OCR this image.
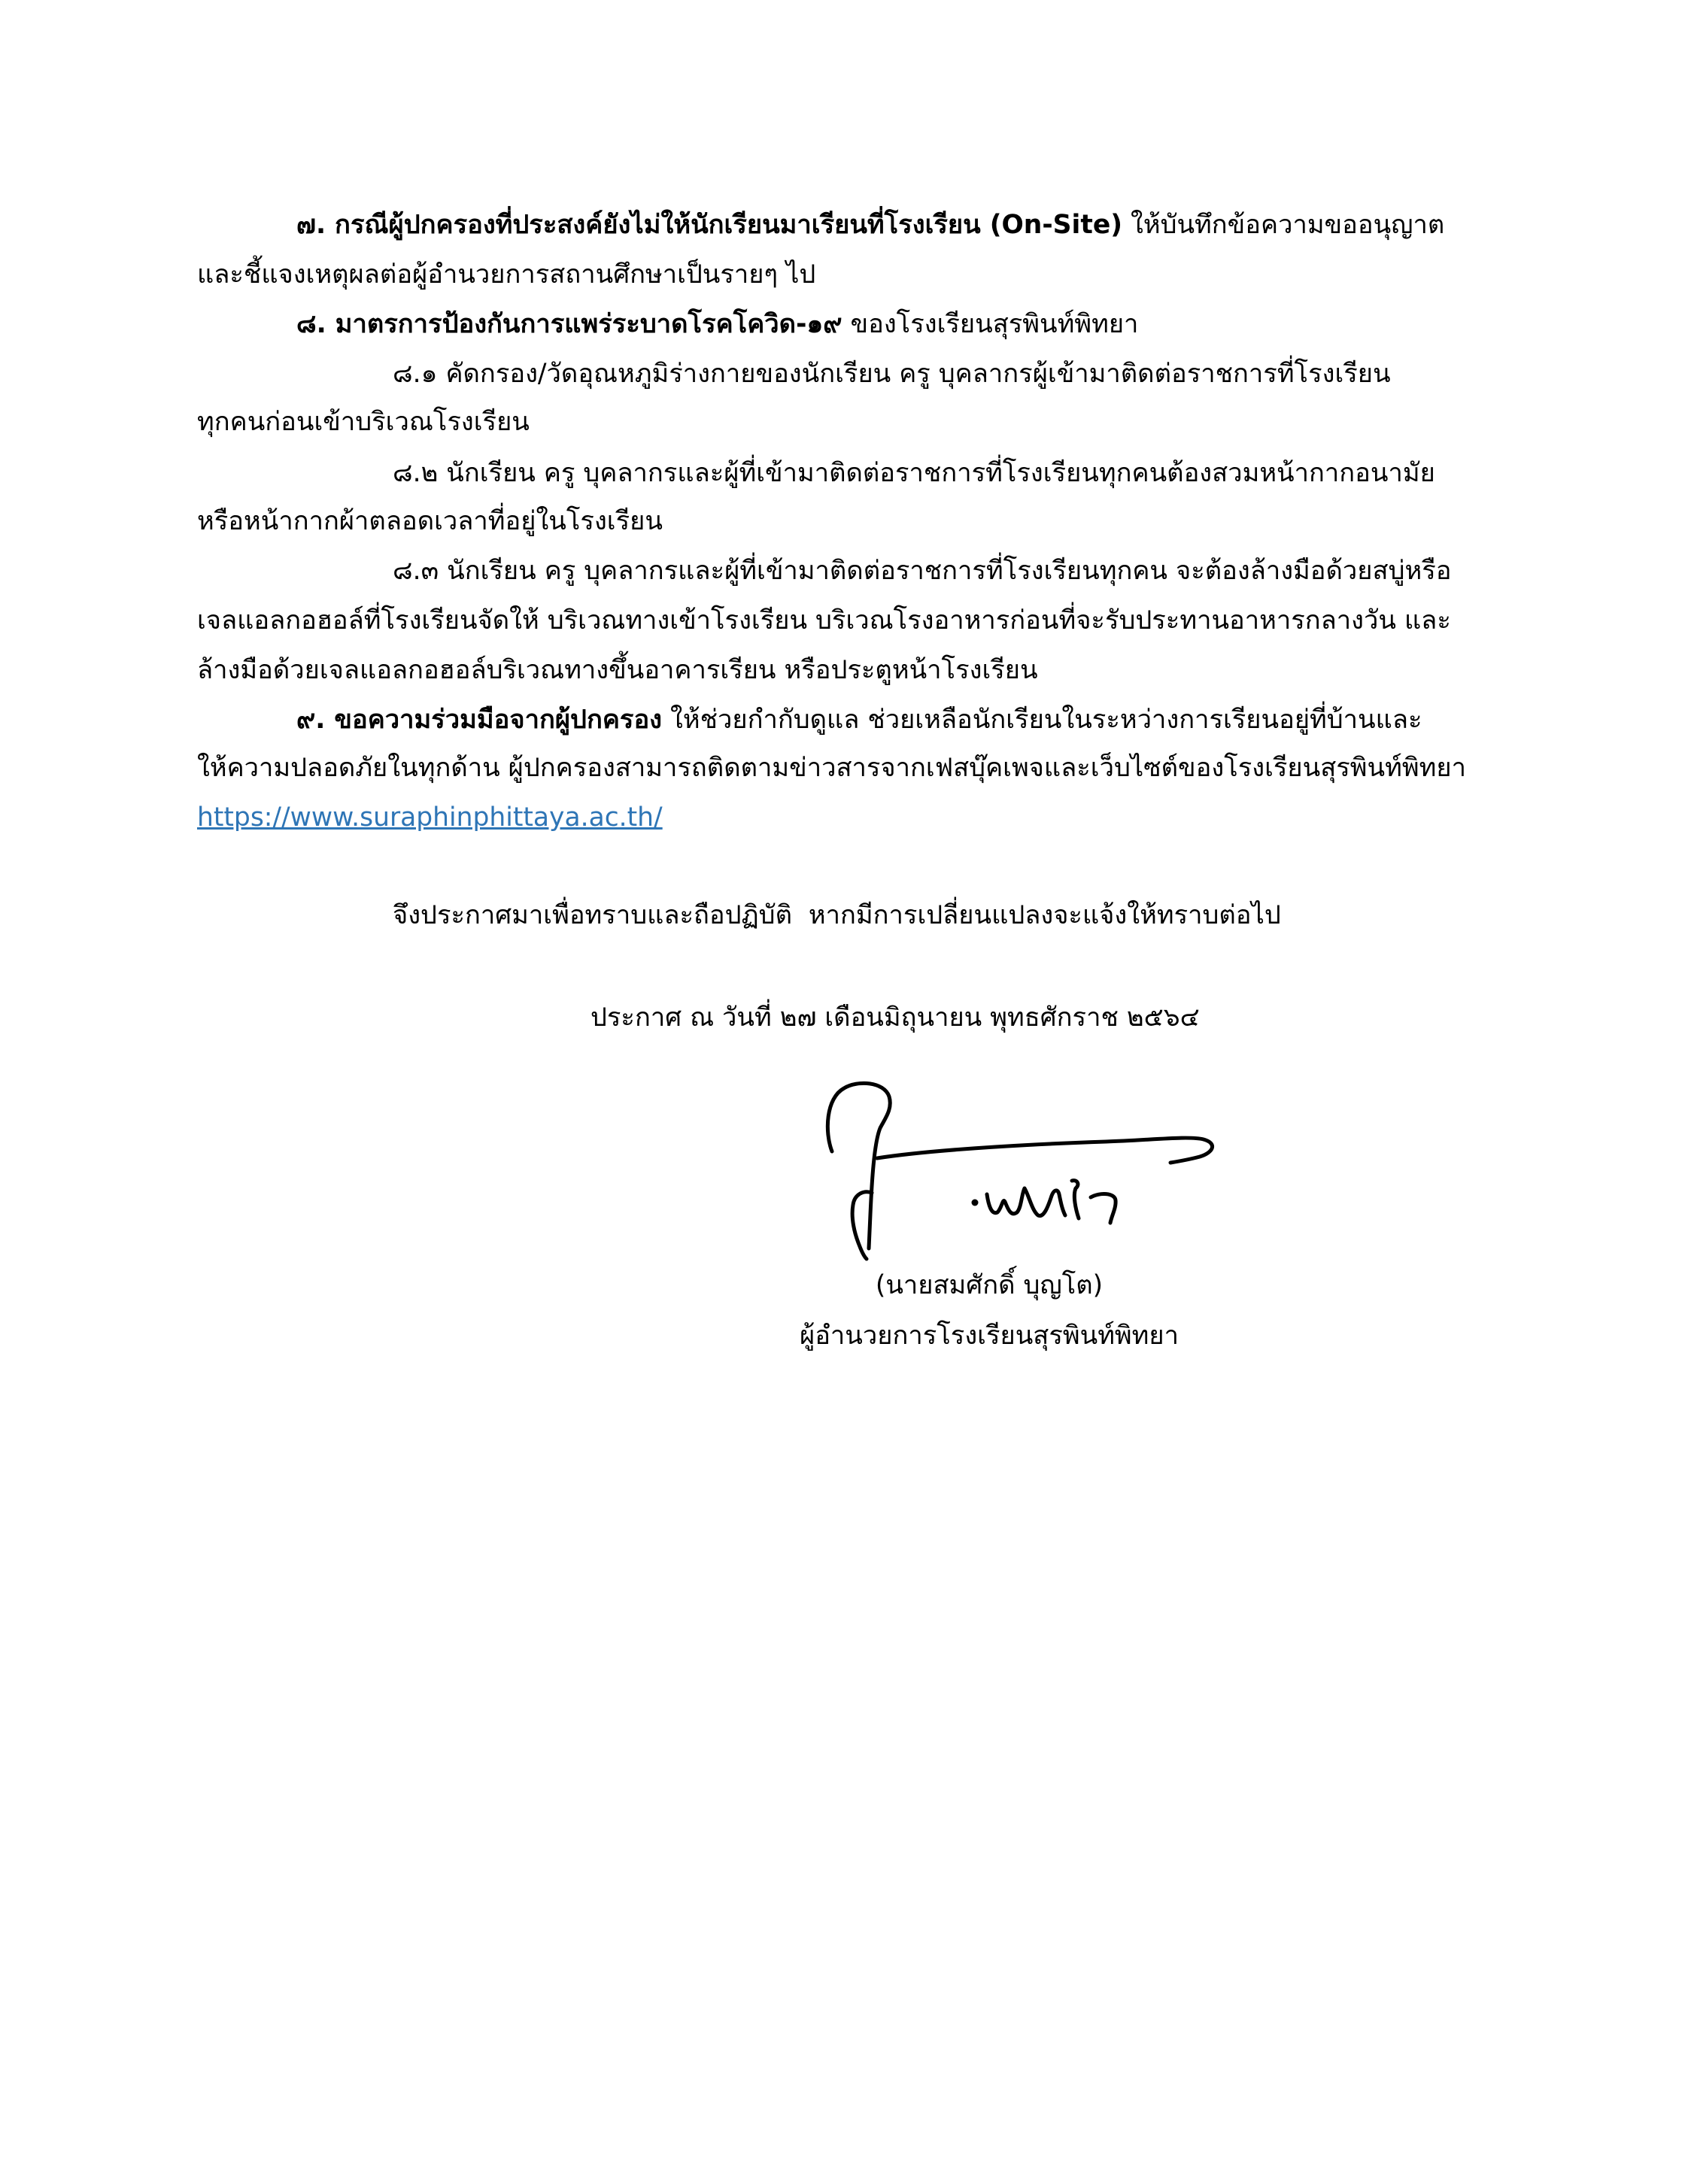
๗. กรณีผู้ปกครองที่ประสงค์ยังไม่ให้นักเรียนมาเรียนที่โรงเรียน (On-Site) ให้บันทึกข้อความขออนุญาต
และชี้แจงเหตุผลต่อผู้อำนวยการสถานศึกษาเป็นรายๆ ไป
๘. มาตรการป้องกันการแพร่ระบาดโรคโควิด-๑๙ ของโรงเรียนสุรพินท์พิทยา
๘.๑ คัดกรอง/วัดอุณหภูมิร่างกายของนักเรียน ครู บุคลากรผู้เข้ามาติดต่อราชการที่โรงเรียน
ทุกคนก่อนเข้าบริเวณโรงเรียน
๘.๒ นักเรียน ครู บุคลากรและผู้ที่เข้ามาติดต่อราชการที่โรงเรียนทุกคนต้องสวมหน้ากากอนามัย
หรือหน้ากากผ้าตลอดเวลาที่อยู่ในโรงเรียน
๘.๓ นักเรียน ครู บุคลากรและผู้ที่เข้ามาติดต่อราชการที่โรงเรียนทุกคน จะต้องล้างมือด้วยสบู่หรือ
เจลแอลกอฮอล์ที่โรงเรียนจัดให้ บริเวณทางเข้าโรงเรียน บริเวณโรงอาหารก่อนที่จะรับประทานอาหารกลางวัน และ
ล้างมือด้วยเจลแอลกอฮอล์บริเวณทางขึ้นอาคารเรียน หรือประตูหน้าโรงเรียน
๙. ขอความร่วมมือจากผู้ปกครอง ให้ช่วยกำกับดูแล ช่วยเหลือนักเรียนในระหว่างการเรียนอยู่ที่บ้านและ
ให้ความปลอดภัยในทุกด้าน ผู้ปกครองสามารถติดตามข่าวสารจากเฟสบุ๊คเพจและเว็บไซต์ของโรงเรียนสุรพินท์พิทยา
https://www.suraphinphittaya.ac.th/
จึงประกาศมาเพื่อทราบและถือปฏิบัติ  หากมีการเปลี่ยนแปลงจะแจ้งให้ทราบต่อไป
ประกาศ ณ วันที่ ๒๗ เดือนมิถุนายน พุทธศักราช ๒๕๖๔
(นายสมศักดิ์ บุญโต)
ผู้อำนวยการโรงเรียนสุรพินท์พิทยา
